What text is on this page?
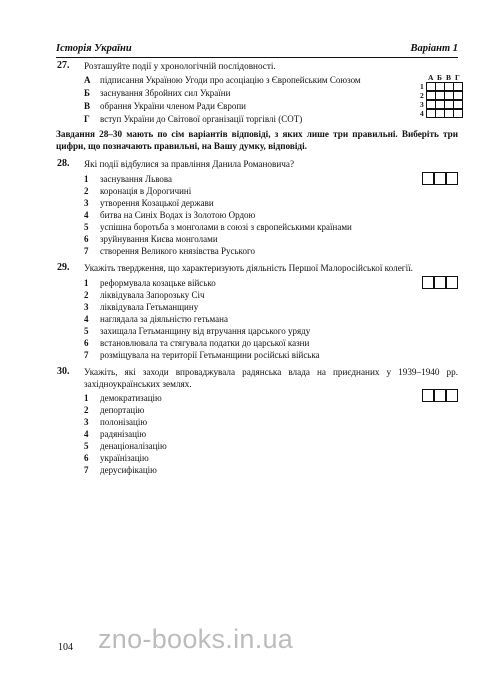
Історія України	Варіант 1
27. Розташуйте події у хронологічній послідовності.
А	підписання Україною Угоди про асоціацію з Європейським Союзом
Б	заснування Збройних сил України
В	обрання України членом Ради Європи
Г	вступ України до Світової організації торгівлі (СОТ)
А Б В Г
1
2
3
4
Завдання 28–30 мають по сім варіантів відповіді, з яких лише три правильні. Виберіть три цифри, що позначають правильні, на Вашу думку, відповіді.
28. Які події відбулися за правління Данила Романовича?
1	заснування Львова
2	коронація в Дорогичині
3	утворення Козацької держави
4	битва на Синіх Водах із Золотою Ордою
5	успішна боротьба з монголами в союзі з європейськими країнами
6	зруйнування Києва монголами
7	створення Великого князівства Руського
29. Укажіть твердження, що характеризують діяльність Першої Малоросійської колегії.
1	реформувала козацьке військо
2	ліквідувала Запорозьку Січ
3	ліквідувала Гетьманщину
4	наглядала за діяльністю гетьмана
5	захищала Гетьманщину від втручання царського уряду
6	встановлювала та стягувала податки до царської казни
7	розміщувала на території Гетьманщини російські війська
30. Укажіть, які заходи впроваджувала радянська влада на приєднаних у 1939–1940 рр. західноукраїнських землях.
1	демократизацію
2	депортацію
3	полонізацію
4	радянізацію
5	денаціоналізацію
6	українізацію
7	дерусифікацію
zno-books.in.ua
104
